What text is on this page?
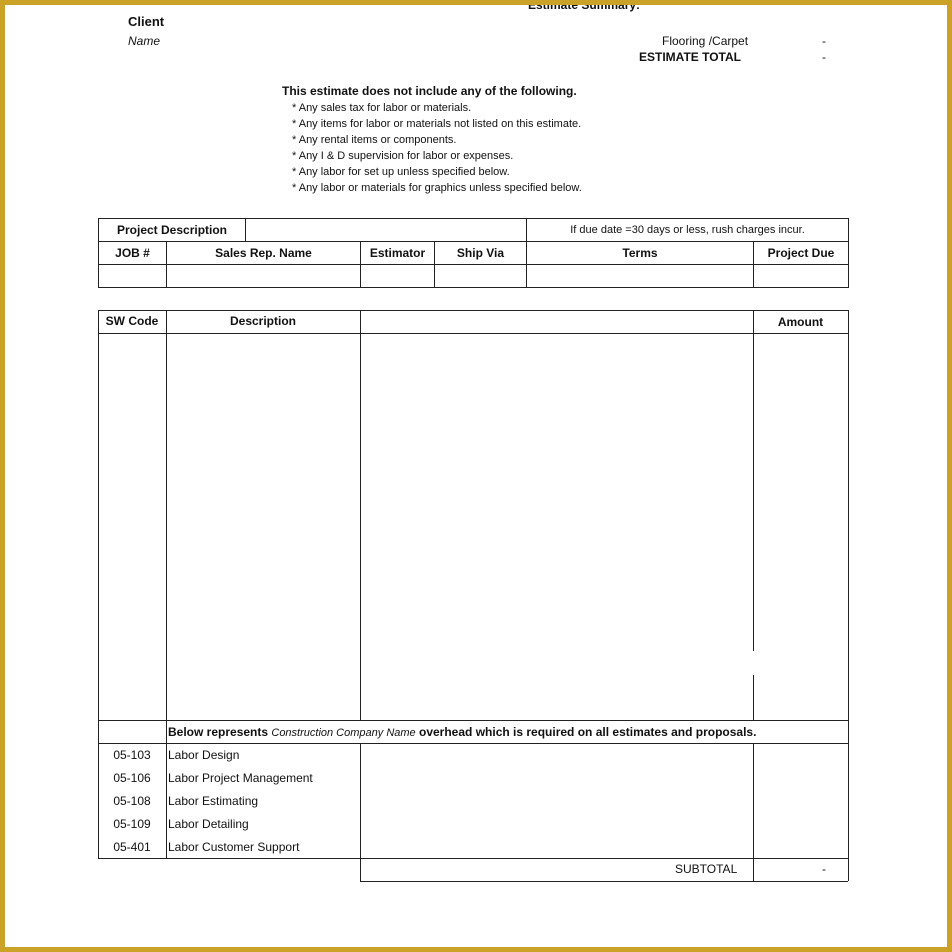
Estimate Summary:
Client
Name	Flooring /Carpet	-
ESTIMATE TOTAL	-
This estimate does not include any of the following.
* Any sales tax for labor or materials.
* Any items for labor or materials not listed on this estimate.
* Any rental items or components.
* Any I & D supervision for labor or expenses.
* Any labor for set up unless specified below.
* Any labor or materials for graphics unless specified below.
Project Description	If due date =30 days or less, rush charges incur.
JOB #	Sales Rep. Name	Estimator	Ship Via	Terms	Project Due
SW Code	Description	Amount
Below represents Construction Company Name overhead which is required on all estimates and proposals.
05-103	Labor Design
05-106	Labor Project Management
05-108	Labor Estimating
05-109	Labor Detailing
05-401	Labor Customer Support
SUBTOTAL	-
